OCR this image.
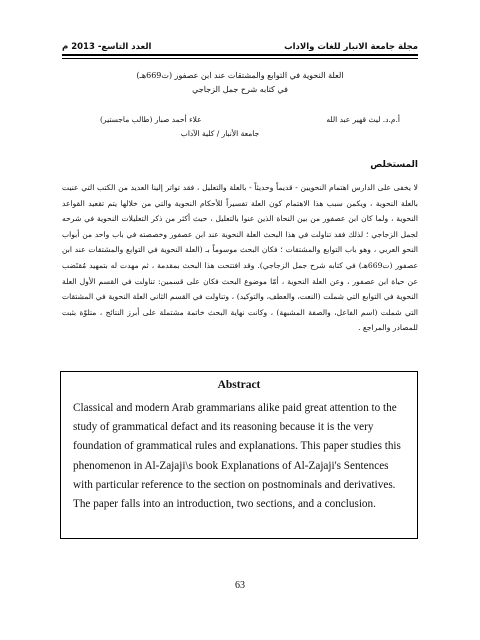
العدد التاسع- 2013 م	مجلة جامعة الانبار للغات والاداب
العلة النحوية في التوابع والمشتقات عند ابن عصفور (ت669هـ)
في كتابه شرح جمل الزجاجي
أ.م.د. ليث قهير عبد الله
علاء أحمد صبار (طالب ماجستير)
جامعة الأنبار / كلية الآداب
المستخلص
لا يخفى على الدارس اهتمام النحويين - قديماً وحديثاً - بالعلة والتعليل ، فقد تواتر إلينا العديد من الكتب التي عنيت بالعلة النحوية ، ويكمن سبب هذا الاهتمام كون العلة تفسيراً للأحكام النحوية والتي من خلالها يتم تقعيد القواعد النحوية ، ولما كان ابن عصفور من بين النحاة الذين عنوا بالتعليل ، حيث أكثر من ذكر التعليلات النحوية في شرحه لجمل الزجاجي ؛ لذلك فقد تناولت في هذا البحث العلة النحوية عند ابن عصفور وخصصته في باب واحد من أبواب النحو العربي ، وهو باب التوابع والمشتقات ؛ فكان البحث موسوماً بـ (العلة النحوية في التوابع والمشتقات عند ابن عصفور (ت669هـ) في كتابه شرح جمل الزجاجي). وقد افتتحت هذا البحث بمقدمة ، ثم مهدت له بتمهيد مُقتَضب عن حياة ابن عصفور ، وعن العلة النحوية ، أمّا موضوع البحث فكان على قسمين: تناولت في القسم الأول العلة النحوية في التوابع التي شملت (النعت، والعطف، والتوكيد) ، وتناولت في القسم الثاني العلة النحوية في المشتقات التي شملت (اسم الفاعل، والصفة المشبهة) ، وكانت نهاية البحث خاتمة مشتملة على أبرز النتائج ، متلوّة بثبت للمصادر والمراجع .
Abstract

Classical and modern Arab grammarians alike paid great attention to the study of grammatical defact and its reasoning because it is the very foundation of grammatical rules and explanations. This paper studies this phenomenon in Al-Zajaji\s book Explanations of Al-Zajaji's Sentences with particular reference to the section on postnominals and derivatives. The paper falls into an introduction, two sections, and a conclusion.

63
